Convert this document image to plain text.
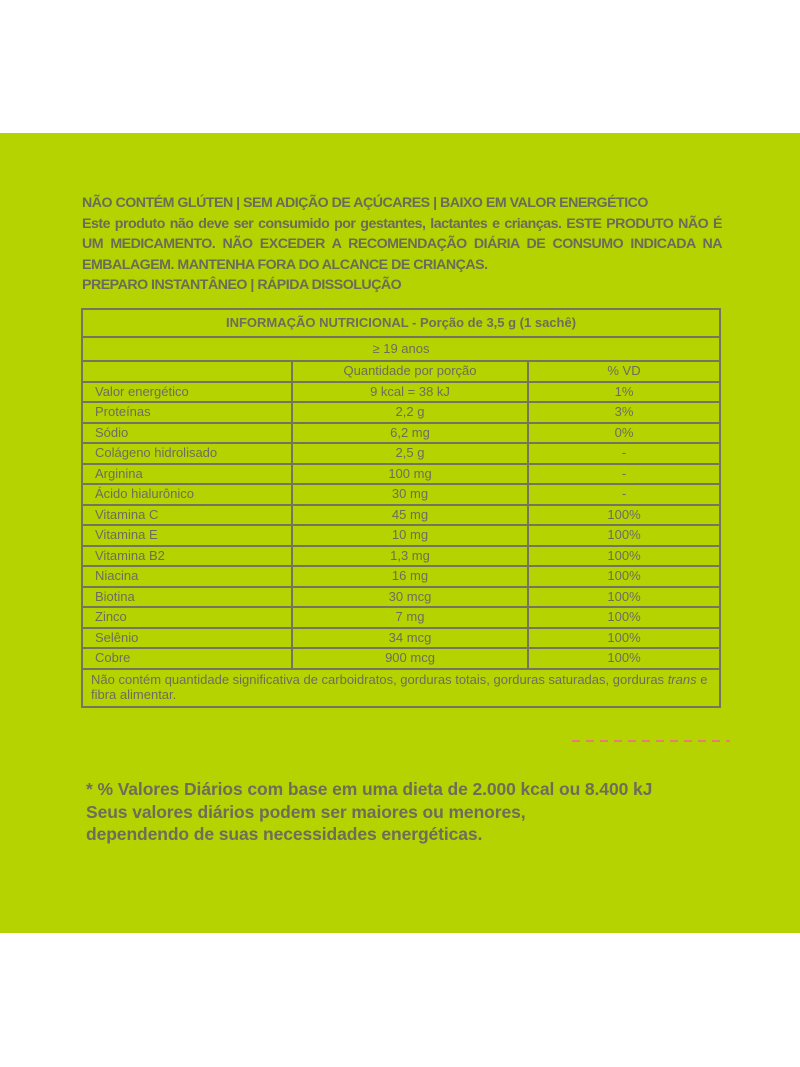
NÃO CONTÉM GLÚTEN | SEM ADIÇÃO DE AÇÚCARES | BAIXO EM VALOR ENERGÉTICO

Este produto não deve ser consumido por gestantes, lactantes e crianças. ESTE PRODUTO NÃO É UM MEDICAMENTO. NÃO EXCEDER A RECOMENDAÇÃO DIÁRIA DE CONSUMO INDICADA NA EMBALAGEM. MANTENHA FORA DO ALCANCE DE CRIANÇAS.

PREPARO INSTANTÂNEO | RÁPIDA DISSOLUÇÃO

INFORMAÇÃO NUTRICIONAL - Porção de 3,5 g (1 sachê)		
≥ 19 anos		
	Quantidade por porção	% VD
Valor energético	9 kcal = 38 kJ	1%
Proteínas	2,2 g	3%
Sódio	6,2 mg	0%
Colágeno hidrolisado	2,5 g	-
Arginina	100 mg	-
Ácido hialurônico	30 mg	-
Vitamina C	45 mg	100%
Vitamina E	10 mg	100%
Vitamina B2	1,3 mg	100%
Niacina	16 mg	100%
Biotina	30 mcg	100%
Zinco	7 mg	100%
Selênio	34 mcg	100%
Cobre	900 mcg	100%
Não contém quantidade significativa de carboidratos, gorduras totais, gorduras saturadas, gorduras trans e fibra alimentar.		

* % Valores Diários com base em uma dieta de 2.000 kcal ou 8.400 kJ

Seus valores diários podem ser maiores ou menores,

dependendo de suas necessidades energéticas.
